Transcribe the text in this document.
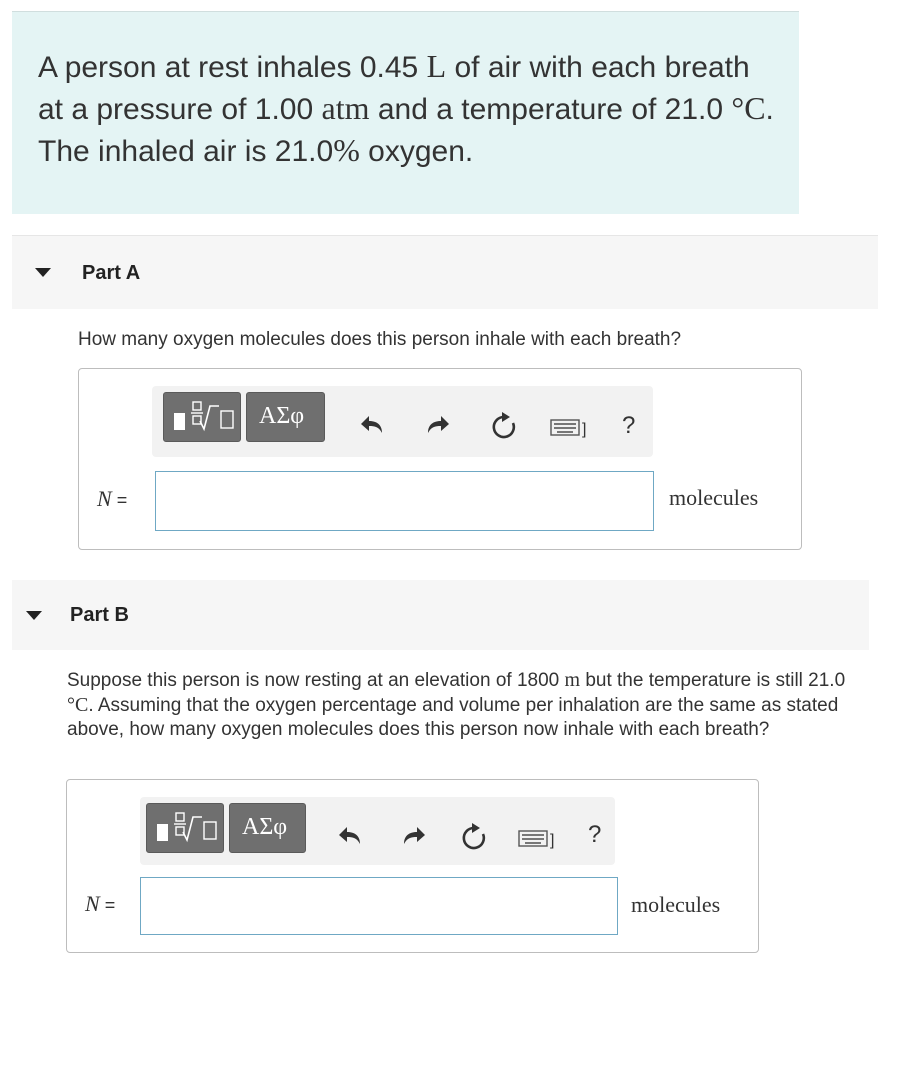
A person at rest inhales 0.45 L of air with each breath at a pressure of 1.00 atm and a temperature of 21.0 °C. The inhaled air is 21.0% oxygen.
Part A
How many oxygen molecules does this person inhale with each breath?
ΑΣφ
] ?
N =	molecules
Part B
Suppose this person is now resting at an elevation of 1800 m but the temperature is still 21.0 °C. Assuming that the oxygen percentage and volume per inhalation are the same as stated above, how many oxygen molecules does this person now inhale with each breath?
ΑΣφ
] ?
N =	molecules
